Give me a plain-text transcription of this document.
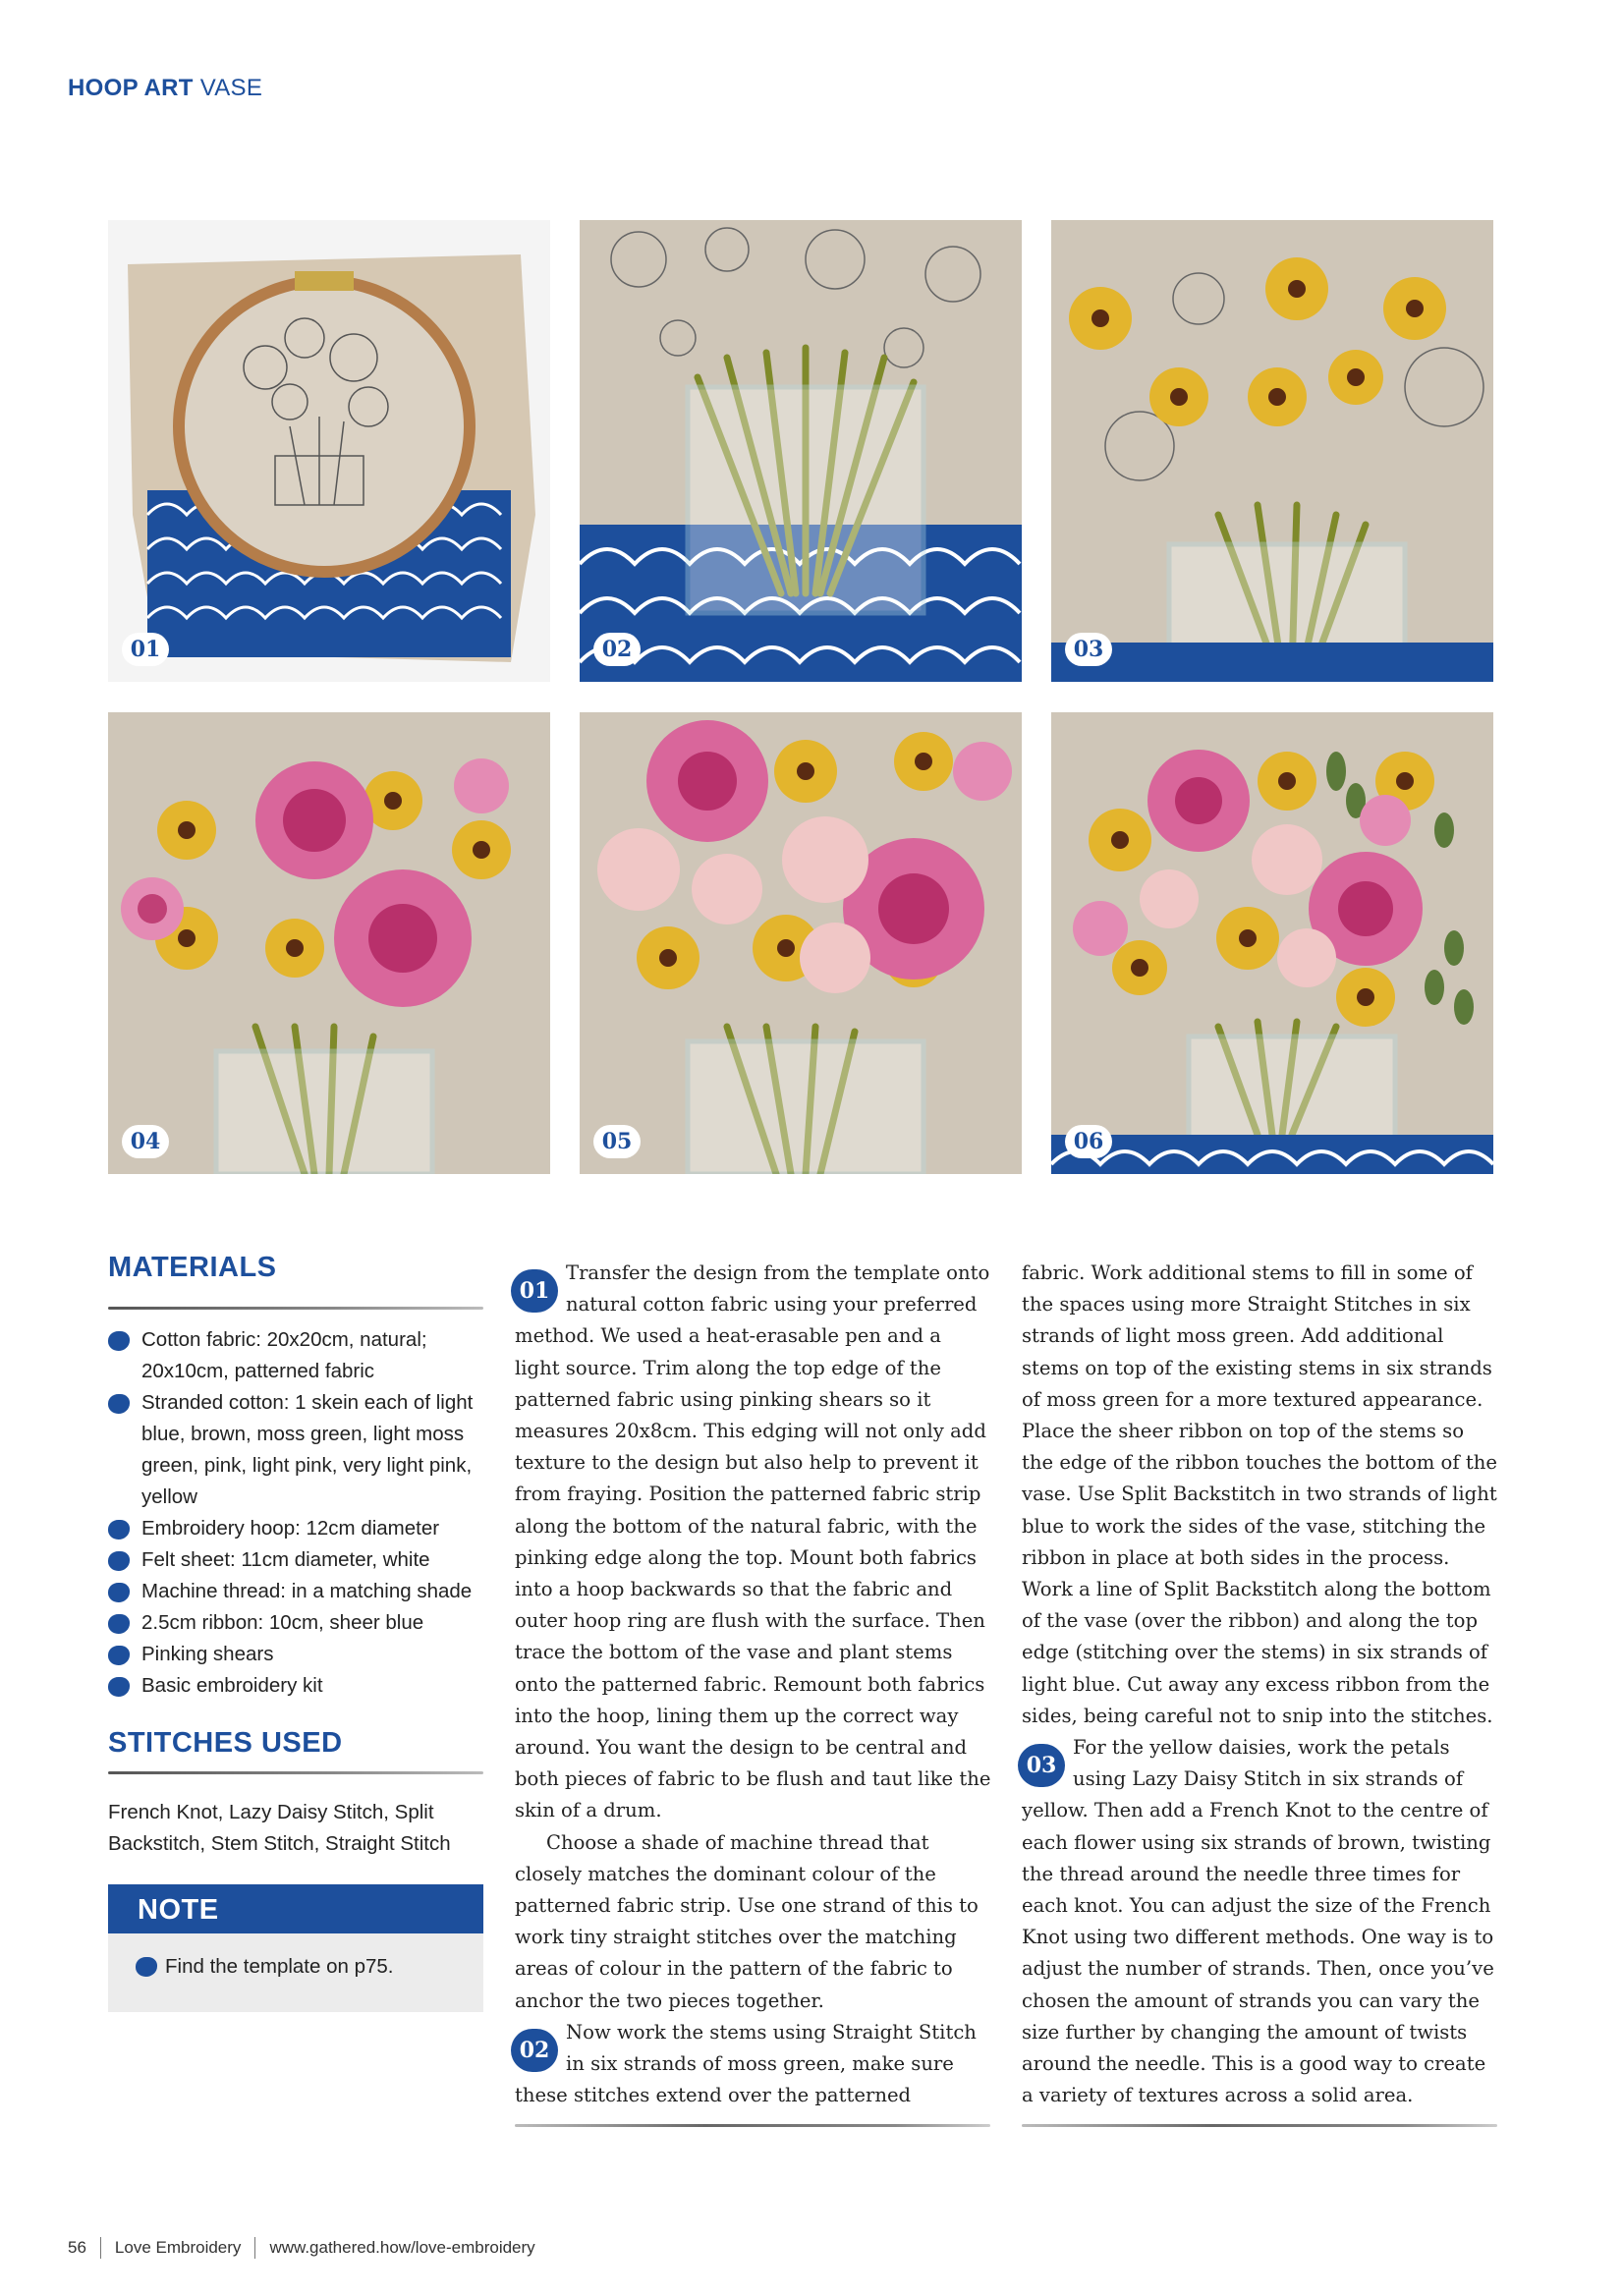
HOOP ART VASE
01	02	03
04	05	06
MATERIALS
Cotton fabric: 20x20cm, natural; 20x10cm, patterned fabric
Stranded cotton: 1 skein each of light blue, brown, moss green, light moss green, pink, light pink, very light pink, yellow
Embroidery hoop: 12cm diameter
Felt sheet: 11cm diameter, white
Machine thread: in a matching shade
2.5cm ribbon: 10cm, sheer blue
Pinking shears
Basic embroidery kit
STITCHES USED
French Knot, Lazy Daisy Stitch, Split Backstitch, Stem Stitch, Straight Stitch
NOTE
Find the template on p75.

01
Transfer the design from the template onto natural cotton fabric using your preferred method. We used a heat-erasable pen and a light source. Trim along the top edge of the patterned fabric using pinking shears so it measures 20x8cm. This edging will not only add texture to the design but also help to prevent it from fraying. Position the patterned fabric strip along the bottom of the natural fabric, with the pinking edge along the top. Mount both fabrics into a hoop backwards so that the fabric and outer hoop ring are flush with the surface. Then trace the bottom of the vase and plant stems onto the patterned fabric. Remount both fabrics into the hoop, lining them up the correct way around. You want the design to be central and both pieces of fabric to be flush and taut like the skin of a drum.

Choose a shade of machine thread that closely matches the dominant colour of the patterned fabric strip. Use one strand of this to work tiny straight stitches over the matching areas of colour in the pattern of the fabric to anchor the two pieces together.

02
Now work the stems using Straight Stitch in six strands of moss green, make sure these stitches extend over the patterned

fabric. Work additional stems to fill in some of the spaces using more Straight Stitches in six strands of light moss green. Add additional stems on top of the existing stems in six strands of moss green for a more textured appearance. Place the sheer ribbon on top of the stems so the edge of the ribbon touches the bottom of the vase. Use Split Backstitch in two strands of light blue to work the sides of the vase, stitching the ribbon in place at both sides in the process. Work a line of Split Backstitch along the bottom of the vase (over the ribbon) and along the top edge (stitching over the stems) in six strands of light blue. Cut away any excess ribbon from the sides, being careful not to snip into the stitches.

03
For the yellow daisies, work the petals using Lazy Daisy Stitch in six strands of yellow. Then add a French Knot to the centre of each flower using six strands of brown, twisting the thread around the needle three times for each knot. You can adjust the size of the French Knot using two different methods. One way is to adjust the number of strands. Then, once you’ve chosen the amount of strands you can vary the size further by changing the amount of twists around the needle. This is a good way to create a variety of textures across a solid area.

56 Love Embroidery www.gathered.how/love-embroidery
